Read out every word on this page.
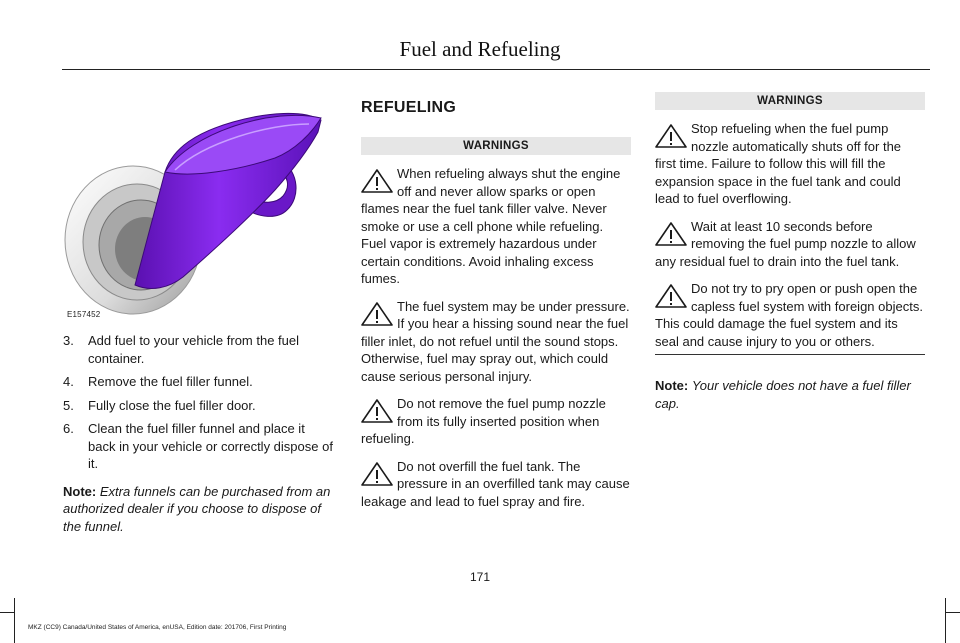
Fuel and Refueling
E157452
3.	Add fuel to your vehicle from the fuel container.
4.	Remove the fuel filler funnel.
5.	Fully close the fuel filler door.
6.	Clean the fuel filler funnel and place it back in your vehicle or correctly dispose of it.
Note: Extra funnels can be purchased from an authorized dealer if you choose to dispose of the funnel.
REFUELING
WARNINGS
When refueling always shut the engine off and never allow sparks or open flames near the fuel tank filler valve. Never smoke or use a cell phone while refueling. Fuel vapor is extremely hazardous under certain conditions. Avoid inhaling excess fumes.
The fuel system may be under pressure. If you hear a hissing sound near the fuel filler inlet, do not refuel until the sound stops. Otherwise, fuel may spray out, which could cause serious personal injury.
Do not remove the fuel pump nozzle from its fully inserted position when refueling.
Do not overfill the fuel tank. The pressure in an overfilled tank may cause leakage and lead to fuel spray and fire.
WARNINGS
Stop refueling when the fuel pump nozzle automatically shuts off for the first time. Failure to follow this will fill the expansion space in the fuel tank and could lead to fuel overflowing.
Wait at least 10 seconds before removing the fuel pump nozzle to allow any residual fuel to drain into the fuel tank.
Do not try to pry open or push open the capless fuel system with foreign objects. This could damage the fuel system and its seal and cause injury to you or others.
Note: Your vehicle does not have a fuel filler cap.
171
MKZ (CC9) Canada/United States of America, enUSA, Edition date: 201706, First Printing
